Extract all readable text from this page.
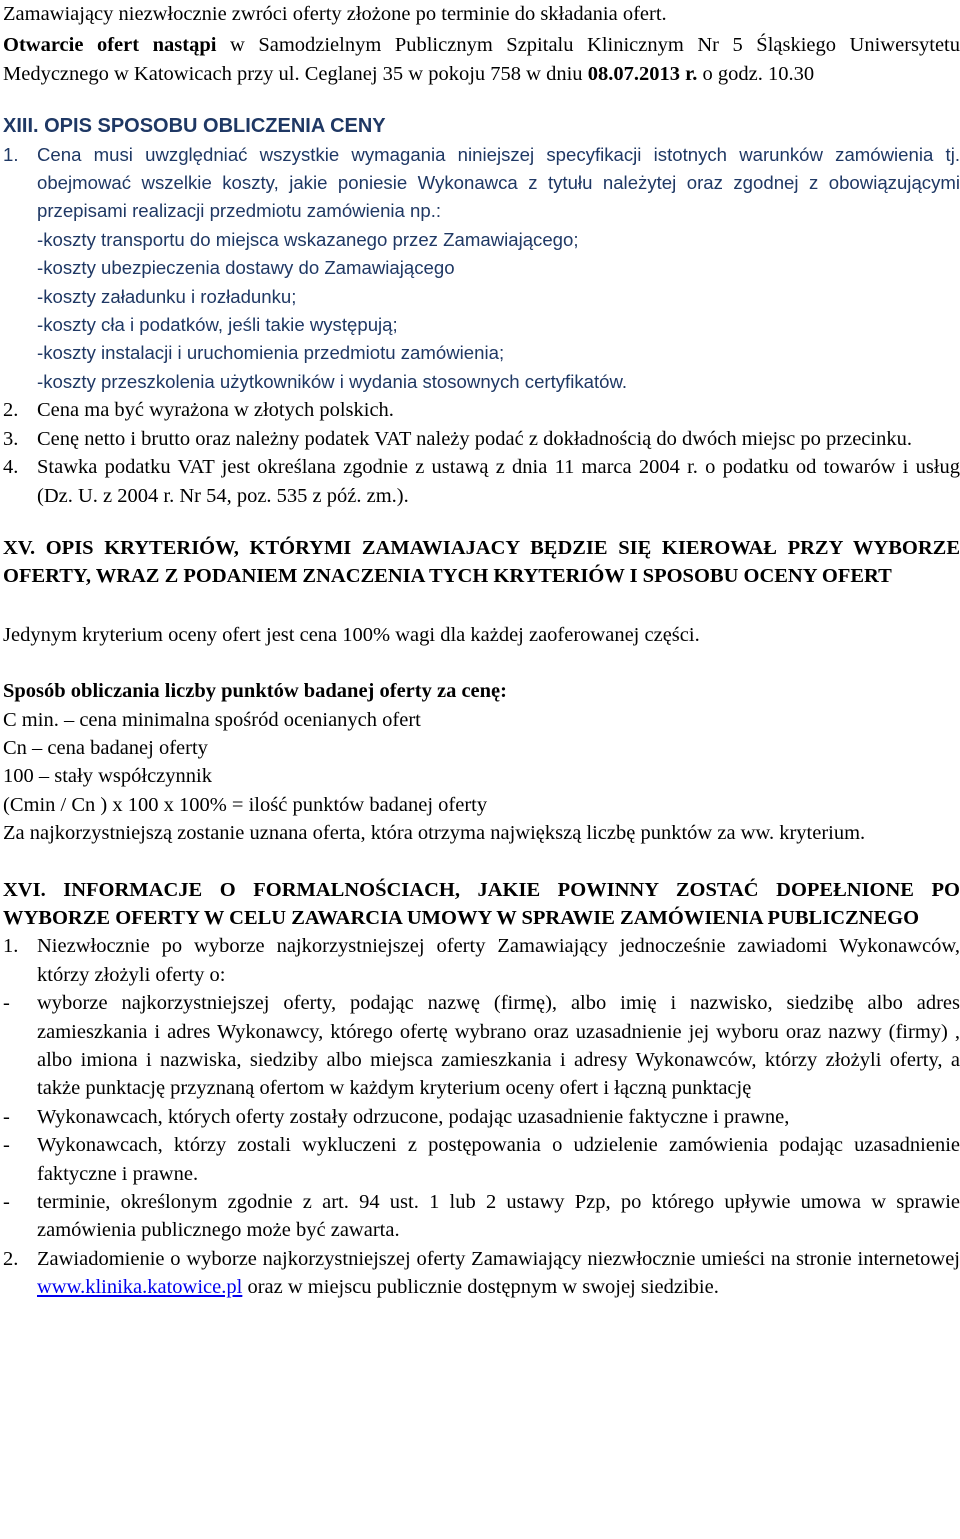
Zamawiający niezwłocznie zwróci oferty złożone po terminie do składania ofert.

Otwarcie ofert nastąpi w Samodzielnym Publicznym Szpitalu Klinicznym Nr 5 Śląskiego Uniwersytetu Medycznego w Katowicach przy ul. Ceglanej 35 w pokoju 758 w dniu 08.07.2013 r. o godz. 10.30

XIII. OPIS SPOSOBU OBLICZENIA CENY

1. Cena musi uwzględniać wszystkie wymagania niniejszej specyfikacji istotnych warunków zamówienia tj. obejmować wszelkie koszty, jakie poniesie Wykonawca z tytułu należytej oraz zgodnej z obowiązującymi przepisami realizacji przedmiotu zamówienia np.:

-koszty transportu do miejsca wskazanego przez Zamawiającego;

-koszty ubezpieczenia dostawy do Zamawiającego

-koszty załadunku i rozładunku;

-koszty cła i podatków, jeśli takie występują;

-koszty instalacji i uruchomienia przedmiotu zamówienia;

-koszty przeszkolenia użytkowników i wydania stosownych certyfikatów.

2. Cena ma być wyrażona w złotych polskich.
3. Cenę netto i brutto oraz należny podatek VAT należy podać z dokładnością do dwóch miejsc po przecinku.
4. Stawka podatku VAT jest określana zgodnie z ustawą z dnia 11 marca 2004 r. o podatku od towarów i usług (Dz. U. z 2004 r. Nr 54, poz. 535 z póź. zm.).

XV. OPIS KRYTERIÓW, KTÓRYMI ZAMAWIAJACY BĘDZIE SIĘ KIEROWAŁ PRZY WYBORZE OFERTY, WRAZ Z PODANIEM ZNACZENIA TYCH KRYTERIÓW I SPOSOBU OCENY OFERT

Jedynym kryterium oceny ofert jest cena 100% wagi dla każdej zaoferowanej części.

Sposób obliczania liczby punktów badanej oferty za cenę:

C min. – cena minimalna spośród ocenianych ofert

Cn – cena badanej oferty

100 – stały współczynnik

(Cmin / Cn ) x 100 x 100% = ilość punktów badanej oferty

Za najkorzystniejszą zostanie uznana oferta, która otrzyma największą liczbę punktów za ww. kryterium.

XVI. INFORMACJE O FORMALNOŚCIACH, JAKIE POWINNY ZOSTAĆ DOPEŁNIONE PO WYBORZE OFERTY W CELU ZAWARCIA UMOWY W SPRAWIE ZAMÓWIENIA PUBLICZNEGO

1. Niezwłocznie po wyborze najkorzystniejszej oferty Zamawiający jednocześnie zawiadomi Wykonawców, którzy złożyli oferty o:
-	wyborze najkorzystniejszej oferty, podając nazwę (firmę), albo imię i nazwisko, siedzibę albo adres zamieszkania i adres Wykonawcy, którego ofertę wybrano oraz uzasadnienie jej wyboru oraz nazwy (firmy) , albo imiona i nazwiska, siedziby albo miejsca zamieszkania i adresy Wykonawców, którzy złożyli oferty, a także punktację przyznaną ofertom w każdym kryterium oceny ofert i łączną punktację
-	Wykonawcach, których oferty zostały odrzucone, podając uzasadnienie faktyczne i prawne,
-	Wykonawcach, którzy zostali wykluczeni z postępowania o udzielenie zamówienia podając uzasadnienie faktyczne i prawne.
-	terminie, określonym zgodnie z art. 94 ust. 1 lub 2 ustawy Pzp, po którego upływie umowa w sprawie zamówienia publicznego może być zawarta.
2. Zawiadomienie o wyborze najkorzystniejszej oferty Zamawiający niezwłocznie umieści na stronie internetowej www.klinika.katowice.pl oraz w miejscu publicznie dostępnym w swojej siedzibie.
